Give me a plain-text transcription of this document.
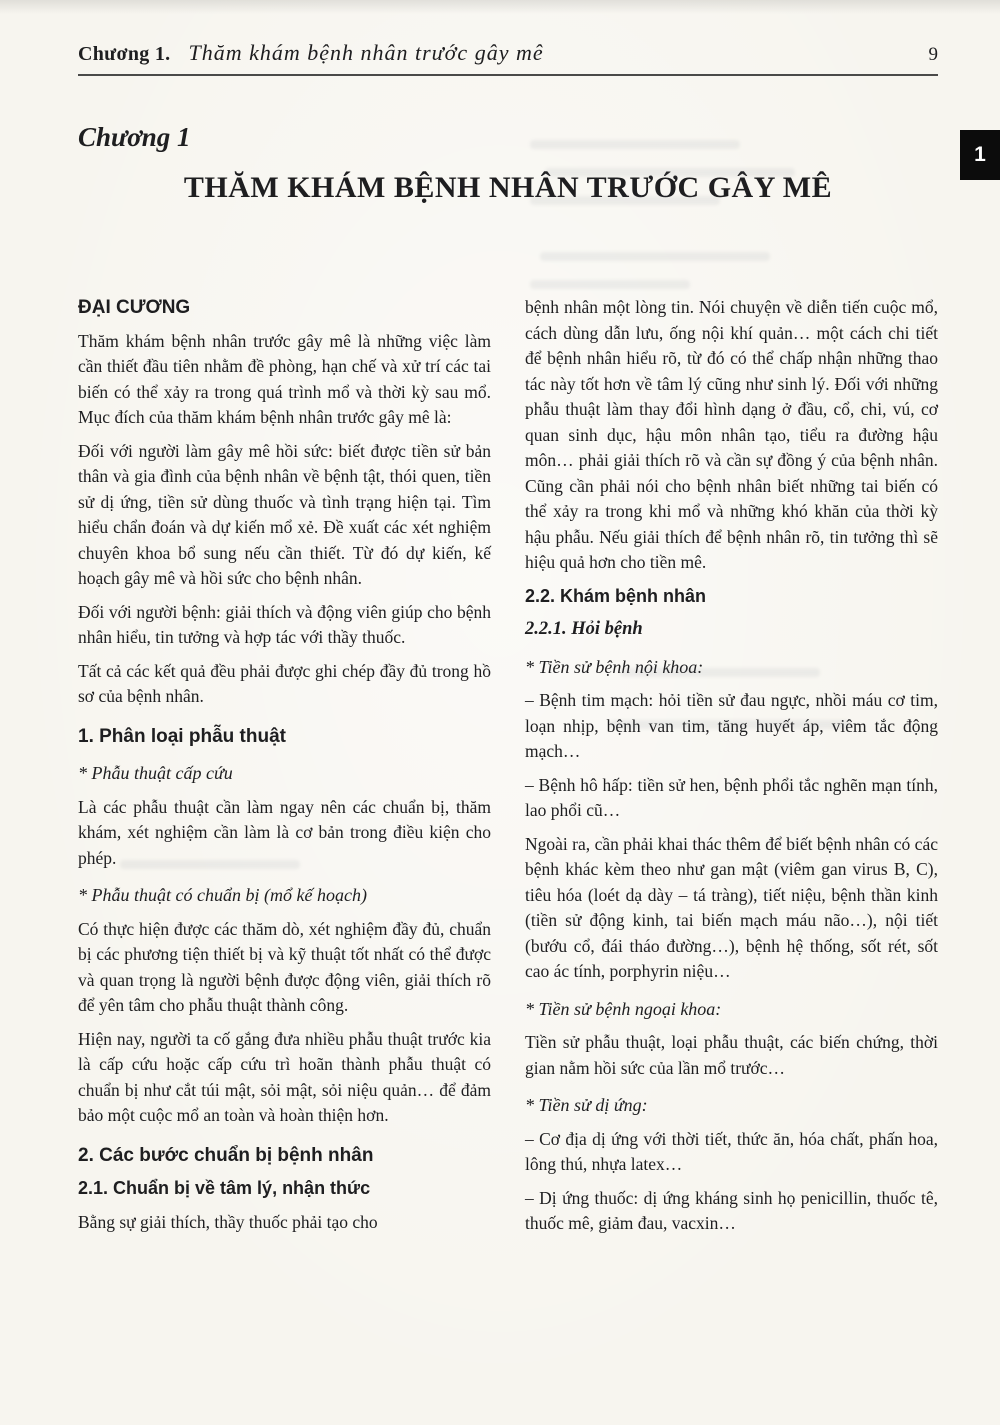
Chương 1. Thăm khám bệnh nhân trước gây mê	9
1
Chương 1
THĂM KHÁM BỆNH NHÂN TRƯỚC GÂY MÊ

ĐẠI CƯƠNG

Thăm khám bệnh nhân trước gây mê là những việc làm cần thiết đầu tiên nhằm đề phòng, hạn chế và xử trí các tai biến có thể xảy ra trong quá trình mổ và thời kỳ sau mổ. Mục đích của thăm khám bệnh nhân trước gây mê là:

Đối với người làm gây mê hồi sức: biết được tiền sử bản thân và gia đình của bệnh nhân về bệnh tật, thói quen, tiền sử dị ứng, tiền sử dùng thuốc và tình trạng hiện tại. Tìm hiểu chẩn đoán và dự kiến mổ xẻ. Đề xuất các xét nghiệm chuyên khoa bổ sung nếu cần thiết. Từ đó dự kiến, kế hoạch gây mê và hồi sức cho bệnh nhân.

Đối với người bệnh: giải thích và động viên giúp cho bệnh nhân hiểu, tin tưởng và hợp tác với thầy thuốc.

Tất cả các kết quả đều phải được ghi chép đầy đủ trong hồ sơ của bệnh nhân.

1. Phân loại phẫu thuật

* Phẫu thuật cấp cứu

Là các phẫu thuật cần làm ngay nên các chuẩn bị, thăm khám, xét nghiệm cần làm là cơ bản trong điều kiện cho phép.

* Phẫu thuật có chuẩn bị (mổ kế hoạch)

Có thực hiện được các thăm dò, xét nghiệm đầy đủ, chuẩn bị các phương tiện thiết bị và kỹ thuật tốt nhất có thể được và quan trọng là người bệnh được động viên, giải thích rõ để yên tâm cho phẫu thuật thành công.

Hiện nay, người ta cố gắng đưa nhiều phẫu thuật trước kia là cấp cứu hoặc cấp cứu trì hoãn thành phẫu thuật có chuẩn bị như cắt túi mật, sỏi mật, sỏi niệu quản… để đảm bảo một cuộc mổ an toàn và hoàn thiện hơn.

2. Các bước chuẩn bị bệnh nhân

2.1. Chuẩn bị về tâm lý, nhận thức

Bằng sự giải thích, thầy thuốc phải tạo cho

bệnh nhân một lòng tin. Nói chuyện về diễn tiến cuộc mổ, cách dùng dẫn lưu, ống nội khí quản… một cách chi tiết để bệnh nhân hiểu rõ, từ đó có thể chấp nhận những thao tác này tốt hơn về tâm lý cũng như sinh lý. Đối với những phẫu thuật làm thay đổi hình dạng ở đầu, cổ, chi, vú, cơ quan sinh dục, hậu môn nhân tạo, tiểu ra đường hậu môn… phải giải thích rõ và cần sự đồng ý của bệnh nhân. Cũng cần phải nói cho bệnh nhân biết những tai biến có thể xảy ra trong khi mổ và những khó khăn của thời kỳ hậu phẫu. Nếu giải thích để bệnh nhân rõ, tin tưởng thì sẽ hiệu quả hơn cho tiền mê.

2.2. Khám bệnh nhân

2.2.1. Hỏi bệnh

* Tiền sử bệnh nội khoa:

– Bệnh tim mạch: hỏi tiền sử đau ngực, nhồi máu cơ tim, loạn nhịp, bệnh van tim, tăng huyết áp, viêm tắc động mạch…

– Bệnh hô hấp: tiền sử hen, bệnh phổi tắc nghẽn mạn tính, lao phổi cũ…

Ngoài ra, cần phải khai thác thêm để biết bệnh nhân có các bệnh khác kèm theo như gan mật (viêm gan virus B, C), tiêu hóa (loét dạ dày – tá tràng), tiết niệu, bệnh thần kinh (tiền sử động kinh, tai biến mạch máu não…), nội tiết (bướu cổ, đái tháo đường…), bệnh hệ thống, sốt rét, sốt cao ác tính, porphyrin niệu…

* Tiền sử bệnh ngoại khoa:

Tiền sử phẫu thuật, loại phẫu thuật, các biến chứng, thời gian nằm hồi sức của lần mổ trước…

* Tiền sử dị ứng:

– Cơ địa dị ứng với thời tiết, thức ăn, hóa chất, phấn hoa, lông thú, nhựa latex…

– Dị ứng thuốc: dị ứng kháng sinh họ penicillin, thuốc tê, thuốc mê, giảm đau, vacxin…
